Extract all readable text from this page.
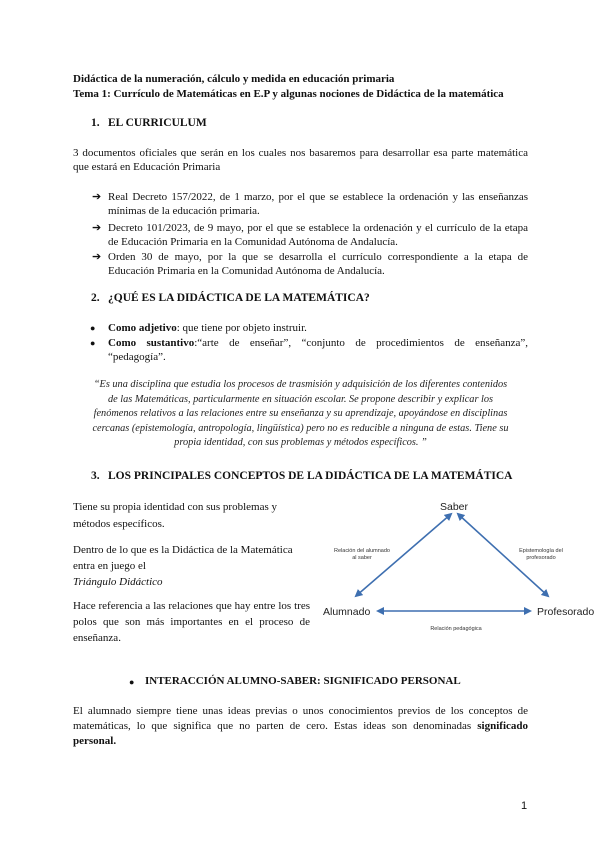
Didáctica de la numeración, cálculo y medida en educación primaria
Tema 1: Currículo de Matemáticas en E.P y algunas nociones de Didáctica de la matemática
1. EL CURRICULUM
3 documentos oficiales que serán en los cuales nos basaremos para desarrollar esa parte matemática que estará en Educación Primaria
➔ Real Decreto 157/2022, de 1 marzo, por el que se establece la ordenación y las enseñanzas
mínimas de la educación primaria.
➔ Decreto 101/2023, de 9 mayo, por el que se establece la ordenación y el currículo de la etapa
de Educación Primaria en la Comunidad Autónoma de Andalucía.
➔ Orden 30 de mayo, por la que se desarrolla el currículo correspondiente a la etapa de
Educación Primaria en la Comunidad Autónoma de Andalucía.
2. ¿QUÉ ES LA DIDÁCTICA DE LA MATEMÁTICA?
● Como adjetivo: que tiene por objeto instruir.
● Como sustantivo:“arte de enseñar”, “conjunto de procedimientos de enseñanza”,
“pedagogía”.
“Es una disciplina que estudia los procesos de trasmisión y adquisición de los diferentes contenidos
de las Matemáticas, particularmente en situación escolar. Se propone describir y explicar los
fenómenos relativos a las relaciones entre su enseñanza y su aprendizaje, apoyándose en disciplinas
cercanas (epistemología, antropología, lingüística) pero no es reducible a ninguna de estas. Tiene su
propia identidad, con sus problemas y métodos específicos. ”
3. LOS PRINCIPALES CONCEPTOS DE LA DIDÁCTICA DE LA MATEMÁTICA
Tiene su propia identidad con sus problemas y
métodos específicos.
Dentro de lo que es la Didáctica de la Matemática
entra en juego el
Triángulo Didáctico
Hace referencia a las relaciones que hay entre los tres
polos que son más importantes en el proceso de
enseñanza.
Saber
Alumnado	Profesorado
Relación del alumnado
al saber
Epistemología del
profesorado
Relación pedagógica
● INTERACCIÓN ALUMNO-SABER: SIGNIFICADO PERSONAL
El alumnado siempre tiene unas ideas previas o unos conocimientos previos de los conceptos de
matemáticas, lo que significa que no parten de cero. Estas ideas son denominadas significado
personal.
1
